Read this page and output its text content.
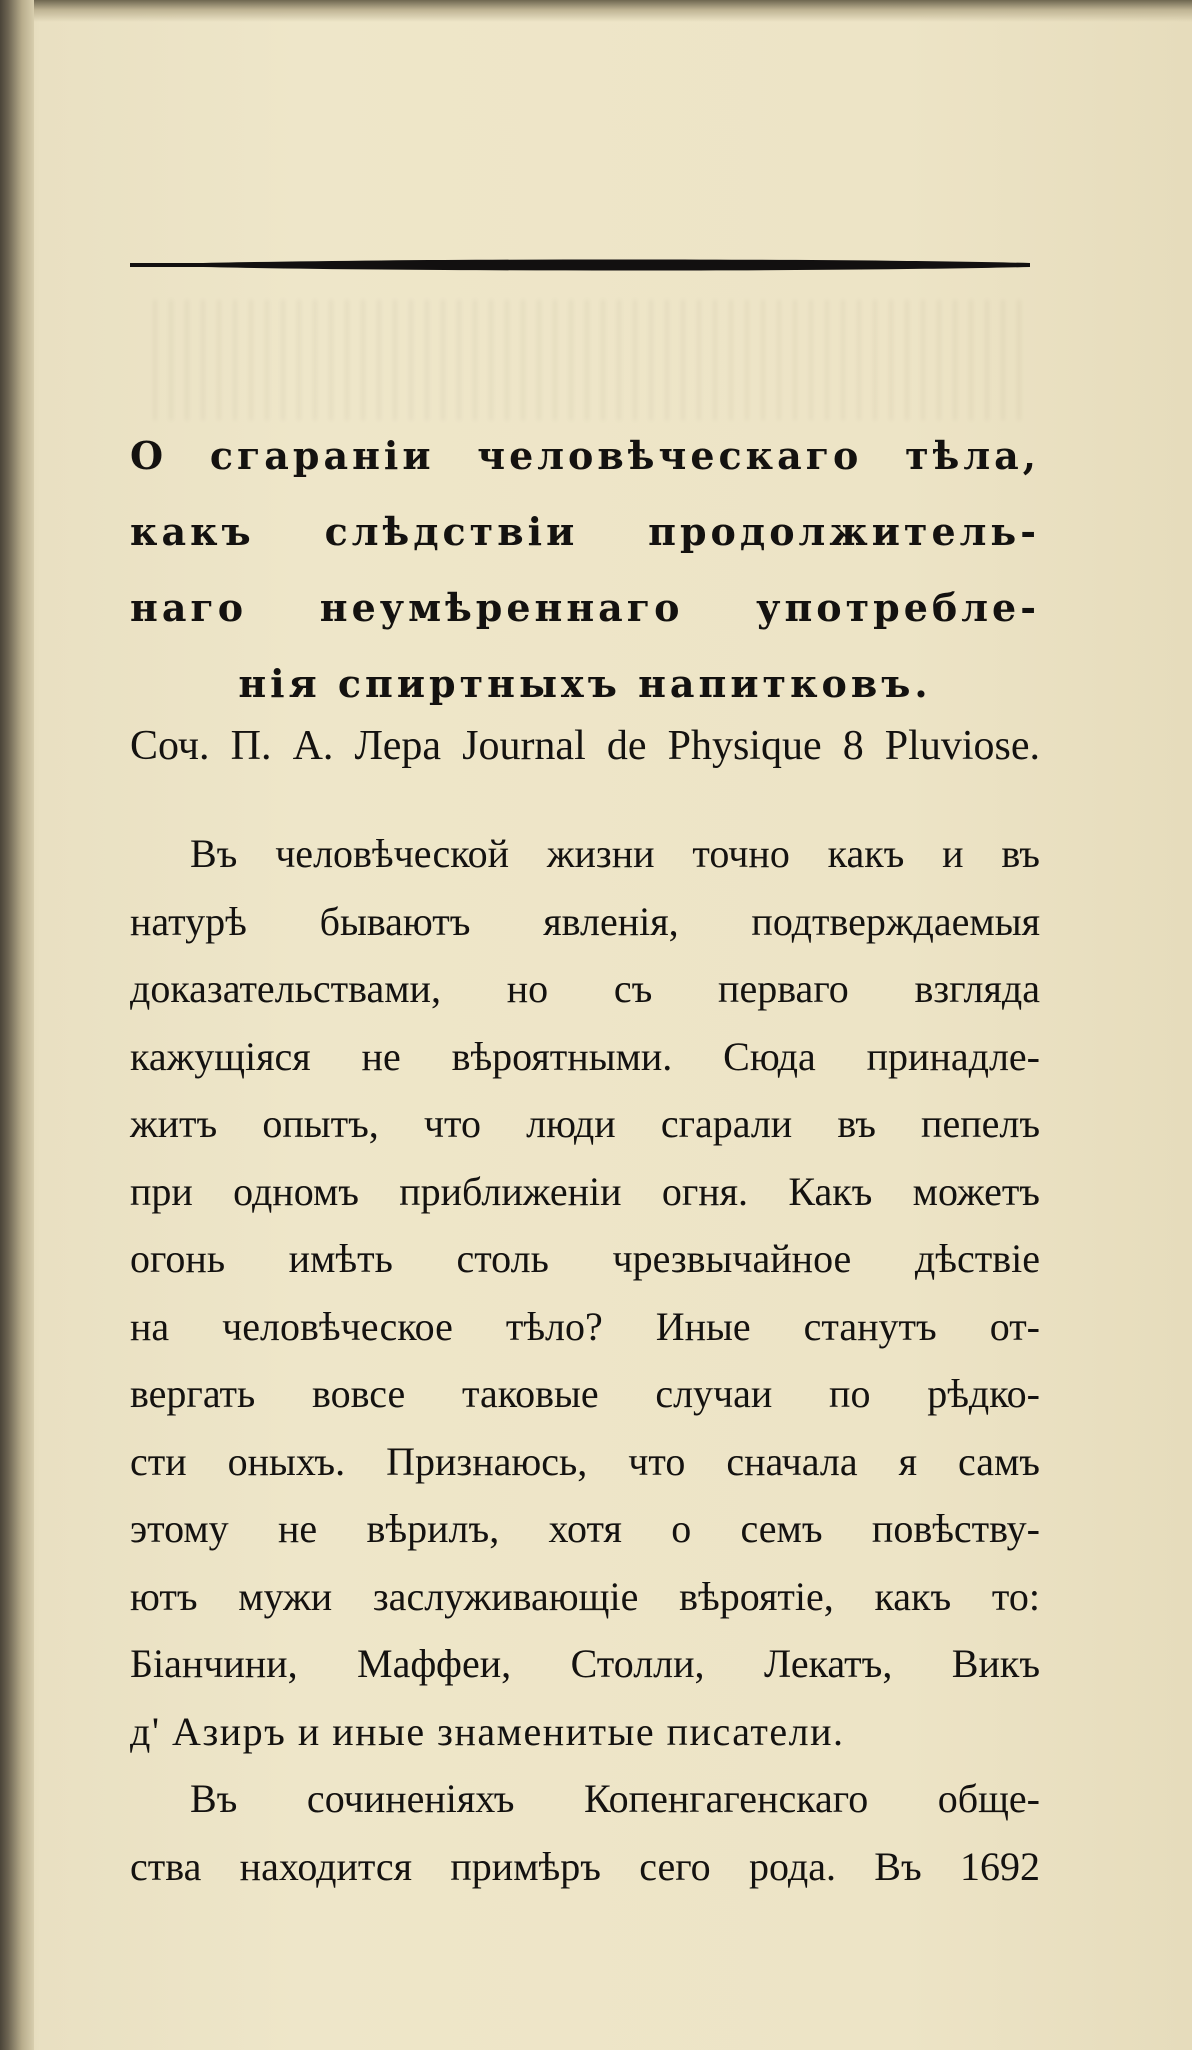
О сгаранiи человѣческаго тѣла,
какъ слѣдствiи продолжитель-
наго неумѣреннаго употребле-
нiя спиртныхъ напитковъ.
Соч. П. А. Лера Journal de Physique 8 Pluviose.
Въ человѣческой жизни точно какъ и въ
натурѣ бываютъ явленiя, подтверждаемыя
доказательствами, но съ перваго взгляда
кажущiяся не вѣроятными. Сюда принадле-
житъ опытъ, что люди сгарали въ пепелъ
при одномъ приближенiи огня. Какъ можетъ
огонь имѣть столь чрезвычайное дѣствiе
на человѣческое тѣло? Иные станутъ от-
вергать вовсе таковые случаи по рѣдко-
сти оныхъ. Признаюсь, что сначала я самъ
этому не вѣрилъ, хотя о семъ повѣству-
ютъ мужи заслуживающiе вѣроятiе, какъ то:
Бiанчини, Маффеи, Столли, Лекатъ, Викъ
д' Азиръ и иные знаменитые писатели.
Въ сочиненiяхъ Копенгагенскаго обще-
ства находится примѣръ сего рода. Въ 1692
